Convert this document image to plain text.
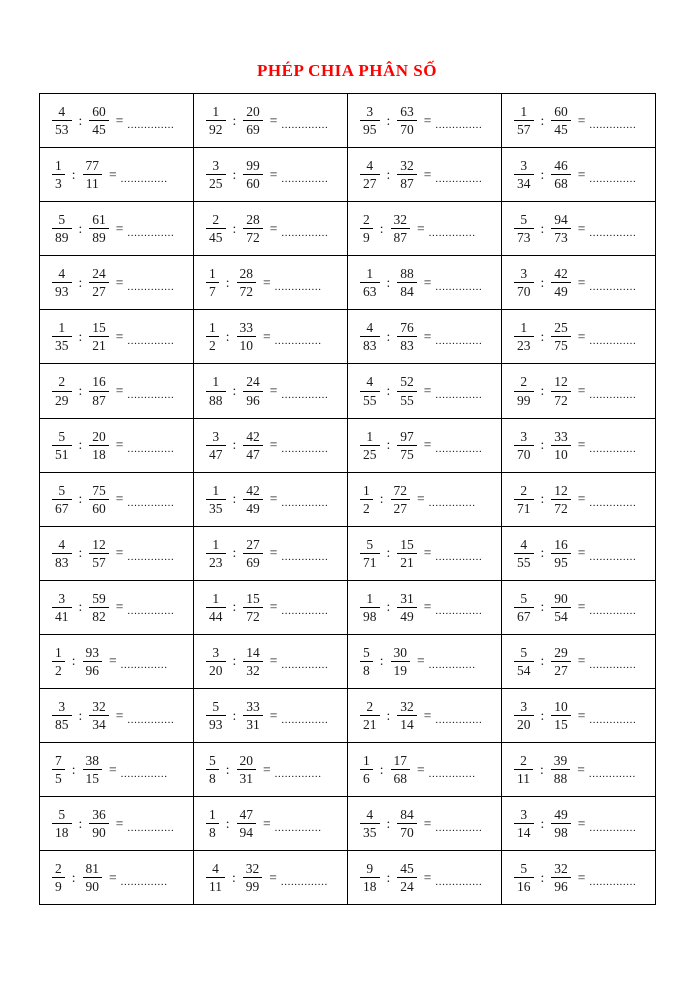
PHÉP CHIA PHÂN SỐ
$\frac{4}{53}$ : $\frac{60}{45}$ = ..............	$\frac{1}{92}$ : $\frac{20}{69}$ = ..............	$\frac{3}{95}$ : $\frac{63}{70}$ = ..............	$\frac{1}{57}$ : $\frac{60}{45}$ = ..............

$\frac{1}{3}$ : $\frac{77}{11}$ = ..............	$\frac{3}{25}$ : $\frac{99}{60}$ = ..............	$\frac{4}{27}$ : $\frac{32}{87}$ = ..............	$\frac{3}{34}$ : $\frac{46}{68}$ = ..............

$\frac{5}{89}$ : $\frac{61}{89}$ = ..............	$\frac{2}{45}$ : $\frac{28}{72}$ = ..............	$\frac{2}{9}$ : $\frac{32}{87}$ = ..............	$\frac{5}{73}$ : $\frac{94}{73}$ = ..............

$\frac{4}{93}$ : $\frac{24}{27}$ = ..............	$\frac{1}{7}$ : $\frac{28}{72}$ = ..............	$\frac{1}{63}$ : $\frac{88}{84}$ = ..............	$\frac{3}{70}$ : $\frac{42}{49}$ = ..............

$\frac{1}{35}$ : $\frac{15}{21}$ = ..............	$\frac{1}{2}$ : $\frac{33}{10}$ = ..............	$\frac{4}{83}$ : $\frac{76}{83}$ = ..............	$\frac{1}{23}$ : $\frac{25}{75}$ = ..............

$\frac{2}{29}$ : $\frac{16}{87}$ = ..............	$\frac{1}{88}$ : $\frac{24}{96}$ = ..............	$\frac{4}{55}$ : $\frac{52}{55}$ = ..............	$\frac{2}{99}$ : $\frac{12}{72}$ = ..............

$\frac{5}{51}$ : $\frac{20}{18}$ = ..............	$\frac{3}{47}$ : $\frac{42}{47}$ = ..............	$\frac{1}{25}$ : $\frac{97}{75}$ = ..............	$\frac{3}{70}$ : $\frac{33}{10}$ = ..............

$\frac{5}{67}$ : $\frac{75}{60}$ = ..............	$\frac{1}{35}$ : $\frac{42}{49}$ = ..............	$\frac{1}{2}$ : $\frac{72}{27}$ = ..............	$\frac{2}{71}$ : $\frac{12}{72}$ = ..............

$\frac{4}{83}$ : $\frac{12}{57}$ = ..............	$\frac{1}{23}$ : $\frac{27}{69}$ = ..............	$\frac{5}{71}$ : $\frac{15}{21}$ = ..............	$\frac{4}{55}$ : $\frac{16}{95}$ = ..............

$\frac{3}{41}$ : $\frac{59}{82}$ = ..............	$\frac{1}{44}$ : $\frac{15}{72}$ = ..............	$\frac{1}{98}$ : $\frac{31}{49}$ = ..............	$\frac{5}{67}$ : $\frac{90}{54}$ = ..............

$\frac{1}{2}$ : $\frac{93}{96}$ = ..............	$\frac{3}{20}$ : $\frac{14}{32}$ = ..............	$\frac{5}{8}$ : $\frac{30}{19}$ = ..............	$\frac{5}{54}$ : $\frac{29}{27}$ = ..............

$\frac{3}{85}$ : $\frac{32}{34}$ = ..............	$\frac{5}{93}$ : $\frac{33}{31}$ = ..............	$\frac{2}{21}$ : $\frac{32}{14}$ = ..............	$\frac{3}{20}$ : $\frac{10}{15}$ = ..............

$\frac{7}{5}$ : $\frac{38}{15}$ = ..............	$\frac{5}{8}$ : $\frac{20}{31}$ = ..............	$\frac{1}{6}$ : $\frac{17}{68}$ = ..............	$\frac{2}{11}$ : $\frac{39}{88}$ = ..............

$\frac{5}{18}$ : $\frac{36}{90}$ = ..............	$\frac{1}{8}$ : $\frac{47}{94}$ = ..............	$\frac{4}{35}$ : $\frac{84}{70}$ = ..............	$\frac{3}{14}$ : $\frac{49}{98}$ = ..............

$\frac{2}{9}$ : $\frac{81}{90}$ = ..............	$\frac{4}{11}$ : $\frac{32}{99}$ = ..............	$\frac{9}{18}$ : $\frac{45}{24}$ = ..............	$\frac{5}{16}$ : $\frac{32}{96}$ = ..............
